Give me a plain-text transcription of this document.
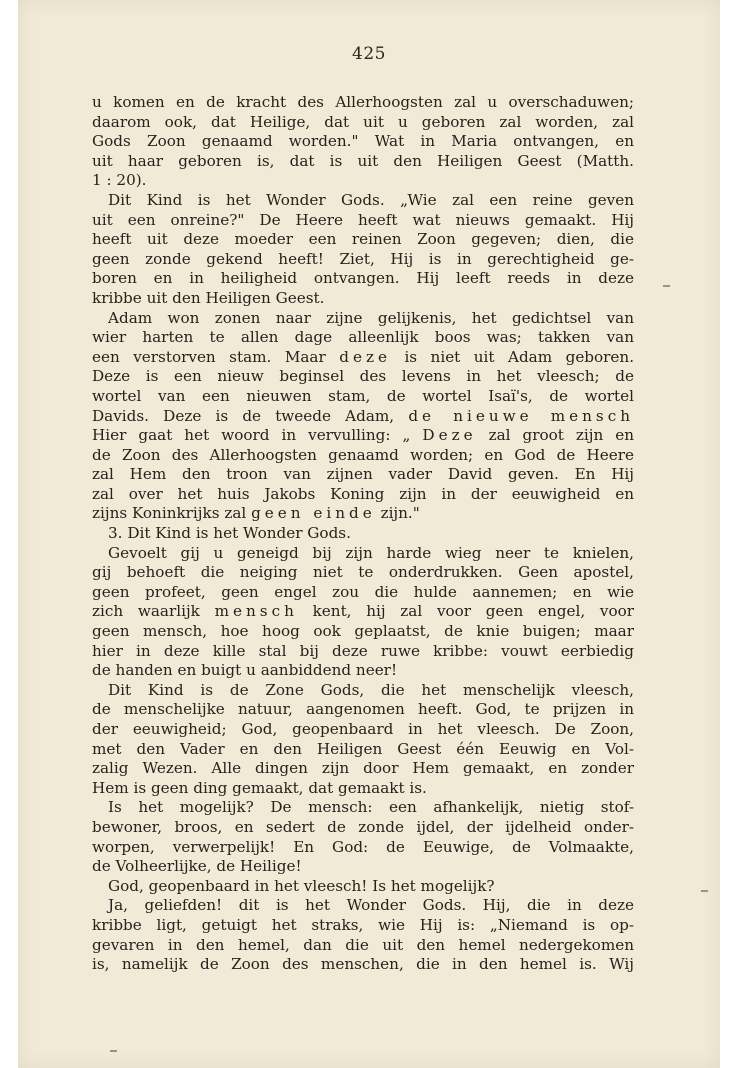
425
u komen en de kracht des Allerhoogsten zal u overschaduwen;
daarom ook, dat Heilige, dat uit u geboren zal worden, zal
Gods Zoon genaamd worden." Wat in Maria ontvangen, en
uit haar geboren is, dat is uit den Heiligen Geest (Matth.
1 : 20).
Dit Kind is het Wonder Gods. „Wie zal een reine geven
uit een onreine?" De Heere heeft wat nieuws gemaakt. Hij
heeft uit deze moeder een reinen Zoon gegeven; dien, die
geen zonde gekend heeft! Ziet, Hij is in gerechtigheid ge-
boren en in heiligheid ontvangen. Hij leeft reeds in deze
kribbe uit den Heiligen Geest.
Adam won zonen naar zijne gelijkenis, het gedichtsel van
wier harten te allen dage alleenlijk boos was; takken van
een verstorven stam. Maar deze is niet uit Adam geboren.
Deze is een nieuw beginsel des levens in het vleesch; de
wortel van een nieuwen stam, de wortel Isaï's, de wortel
Davids. Deze is de tweede Adam, de nieuwe mensch
Hier gaat het woord in vervulling: „ Deze zal groot zijn en
de Zoon des Allerhoogsten genaamd worden; en God de Heere
zal Hem den troon van zijnen vader David geven. En Hij
zal over het huis Jakobs Koning zijn in der eeuwigheid en
zijns Koninkrijks zal geen einde zijn."
3. Dit Kind is het Wonder Gods.
Gevoelt gij u geneigd bij zijn harde wieg neer te knielen,
gij behoeft die neiging niet te onderdrukken. Geen apostel,
geen profeet, geen engel zou die hulde aannemen; en wie
zich waarlijk mensch kent, hij zal voor geen engel, voor
geen mensch, hoe hoog ook geplaatst, de knie buigen; maar
hier in deze kille stal bij deze ruwe kribbe: vouwt eerbiedig
de handen en buigt u aanbiddend neer!
Dit Kind is de Zone Gods, die het menschelijk vleesch,
de menschelijke natuur, aangenomen heeft. God, te prijzen in
der eeuwigheid; God, geopenbaard in het vleesch. De Zoon,
met den Vader en den Heiligen Geest één Eeuwig en Vol-
zalig Wezen. Alle dingen zijn door Hem gemaakt, en zonder
Hem is geen ding gemaakt, dat gemaakt is.
Is het mogelijk? De mensch: een afhankelijk, nietig stof-
bewoner, broos, en sedert de zonde ijdel, der ijdelheid onder-
worpen, verwerpelijk! En God: de Eeuwige, de Volmaakte,
de Volheerlijke, de Heilige!
God, geopenbaard in het vleesch! Is het mogelijk?
Ja, geliefden! dit is het Wonder Gods. Hij, die in deze
kribbe ligt, getuigt het straks, wie Hij is: „Niemand is op-
gevaren in den hemel, dan die uit den hemel nedergekomen
is, namelijk de Zoon des menschen, die in den hemel is. Wij
